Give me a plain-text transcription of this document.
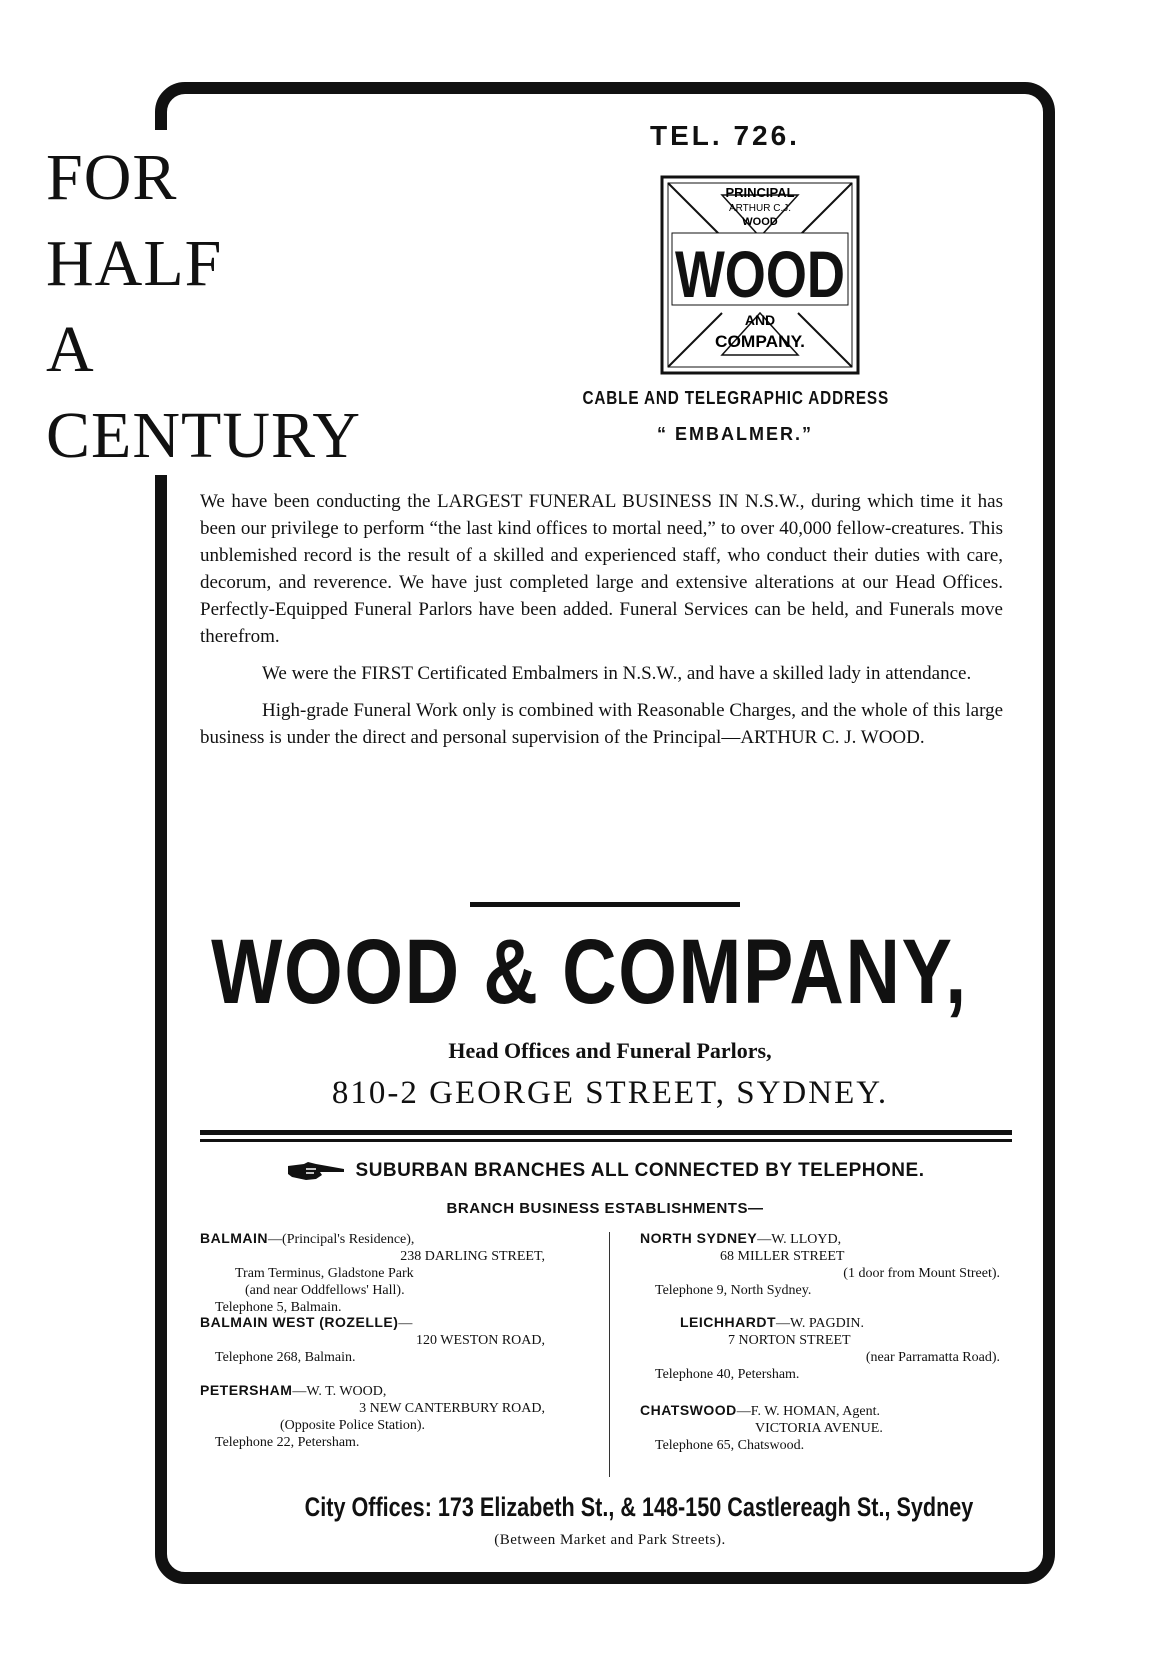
FOR
HALF
A
CENTURY
TEL. 726.
PRINCIPAL
ARTHUR C.J.
WOOD
WOOD
AND
COMPANY.
CABLE AND TELEGRAPHIC ADDRESS
“ EMBALMER.”

We have been conducting the LARGEST FUNERAL BUSINESS IN N.S.W., during which time it has been our privilege to perform “the last kind offices to mortal need,” to over 40,000 fellow-creatures. This unblemished record is the result of a skilled and experienced staff, who conduct their duties with care, decorum, and reverence. We have just completed large and extensive alterations at our Head Offices. Perfectly-Equipped Funeral Parlors have been added. Funeral Services can be held, and Funerals move therefrom.

We were the FIRST Certificated Embalmers in N.S.W., and have a skilled lady in attendance.

High-grade Funeral Work only is combined with Reasonable Charges, and the whole of this large business is under the direct and personal supervision of the Principal—ARTHUR C. J. WOOD.

WOOD & COMPANY,
Head Offices and Funeral Parlors,
810-2 GEORGE STREET, SYDNEY.
SUBURBAN BRANCHES ALL CONNECTED BY TELEPHONE.
BRANCH BUSINESS ESTABLISHMENTS—
BALMAIN—(Principal's Residence),
238 DARLING STREET,
Tram Terminus, Gladstone Park
(and near Oddfellows' Hall).
Telephone 5, Balmain.
BALMAIN WEST (ROZELLE)—
120 WESTON ROAD,
Telephone 268, Balmain.
PETERSHAM—W. T. WOOD,
3 NEW CANTERBURY ROAD,
(Opposite Police Station).
Telephone 22, Petersham.
NORTH SYDNEY—W. LLOYD,
68 MILLER STREET
(1 door from Mount Street).
Telephone 9, North Sydney.
LEICHHARDT—W. PAGDIN.
7 NORTON STREET
(near Parramatta Road).
Telephone 40, Petersham.
CHATSWOOD—F. W. HOMAN, Agent.
VICTORIA AVENUE.
Telephone 65, Chatswood.
City Offices: 173 Elizabeth St., & 148-150 Castlereagh St., Sydney
(Between Market and Park Streets).
